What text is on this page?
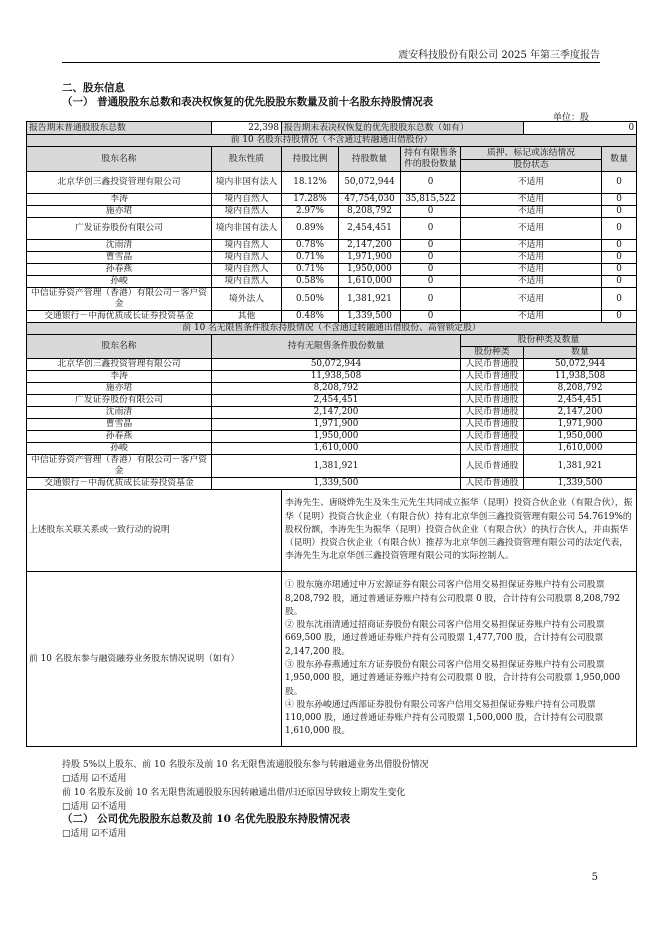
震安科技股份有限公司 2025 年第三季度报告
二、股东信息
（一） 普通股股东总数和表决权恢复的优先股股东数量及前十名股东持股情况表
单位：股
报告期末普通股股东总数	22,398	报告期末表决权恢复的优先股股东总数（如有）				0	
前 10 名股东持股情况（不含通过转融通出借股份）							
股东名称	股东性质	持股比例	持股数量	持有有限售条件的股份数量	质押、标记或冻结情况		数量
					股份状态		
北京华创三鑫投资管理有限公司	境内非国有法人	18.12%	50,072,944	0	不适用		0
李涛	境内自然人	17.28%	47,754,030	35,815,522	不适用		0
施亦珺	境内自然人	2.97%	8,208,792	0	不适用		0
广发证券股份有限公司	境内非国有法人	0.89%	2,454,451	0	不适用		0
沈雨清	境内自然人	0.78%	2,147,200	0	不适用		0
曹雪晶	境内自然人	0.71%	1,971,900	0	不适用		0
孙春燕	境内自然人	0.71%	1,950,000	0	不适用		0
孙峻	境内自然人	0.58%	1,610,000	0	不适用		0
中信证券资产管理（香港）有限公司－客户资金	境外法人	0.50%	1,381,921	0	不适用		0
交通银行－中海优质成长证券投资基金	其他	0.48%	1,339,500	0	不适用		0
前 10 名无限售条件股东持股情况（不含通过转融通出借股份、高管锁定股）							
股东名称	持有无限售条件股份数量				股份种类及数量		
					股份种类	数量	
北京华创三鑫投资管理有限公司	50,072,944				人民币普通股	50,072,944	
李涛	11,938,508				人民币普通股	11,938,508	
施亦珺	8,208,792				人民币普通股	8,208,792	
广发证券股份有限公司	2,454,451				人民币普通股	2,454,451	
沈雨清	2,147,200				人民币普通股	2,147,200	
曹雪晶	1,971,900				人民币普通股	1,971,900	
孙春燕	1,950,000				人民币普通股	1,950,000	
孙峻	1,610,000				人民币普通股	1,610,000	
中信证券资产管理（香港）有限公司－客户资金	1,381,921				人民币普通股	1,381,921	
交通银行－中海优质成长证券投资基金	1,339,500				人民币普通股	1,339,500	
上述股东关联关系或一致行动的说明		李涛先生、唐晓烨先生及朱生元先生共同成立振华（昆明）投资合伙企业（有限合伙），振华（昆明）投资合伙企业（有限合伙）持有北京华创三鑫投资管理有限公司 54.7619%的股权份额，李涛先生为振华（昆明）投资合伙企业（有限合伙）的执行合伙人，并由振华（昆明）投资合伙企业（有限合伙）推荐为北京华创三鑫投资管理有限公司的法定代表，李涛先生为北京华创三鑫投资管理有限公司的实际控制人。					
前 10 名股东参与融资融券业务股东情况说明（如有）		① 股东施亦珺通过申万宏源证券有限公司客户信用交易担保证券账户持有公司股票 8,208,792 股，通过普通证券账户持有公司股票 0 股，合计持有公司股票 8,208,792 股。
② 股东沈雨清通过招商证券股份有限公司客户信用交易担保证券账户持有公司股票 669,500 股，通过普通证券账户持有公司股票 1,477,700 股，合计持有公司股票 2,147,200 股。
③ 股东孙春燕通过东方证券股份有限公司客户信用交易担保证券账户持有公司股票 1,950,000 股，通过普通证券账户持有公司股票 0 股，合计持有公司股票 1,950,000 股。
④ 股东孙峻通过西部证券股份有限公司客户信用交易担保证券账户持有公司股票 110,000 股，通过普通证券账户持有公司股票 1,500,000 股，合计持有公司股票 1,610,000 股。					
持股 5%以上股东、前 10 名股东及前 10 名无限售流通股股东参与转融通业务出借股份情况
□适用 ☑不适用
前 10 名股东及前 10 名无限售流通股股东因转融通出借/归还原因导致较上期发生变化
□适用 ☑不适用
（二） 公司优先股股东总数及前 10 名优先股股东持股情况表
□适用 ☑不适用
5
